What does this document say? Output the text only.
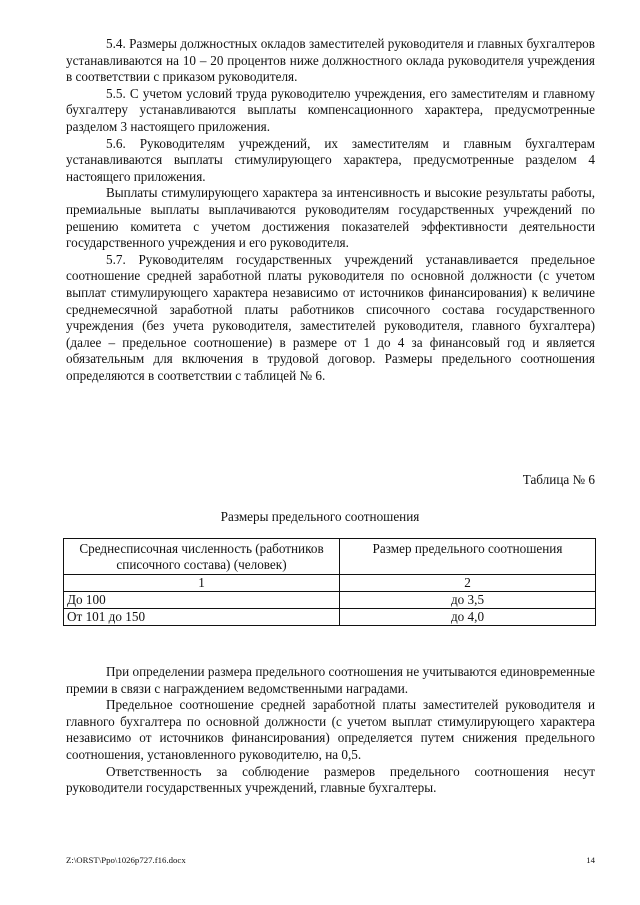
5.4. Размеры должностных окладов заместителей руководителя и главных бухгалтеров устанавливаются на 10 – 20 процентов ниже должностного оклада руководителя учреждения в соответствии с приказом руководителя.

5.5. С учетом условий труда руководителю учреждения, его заместителям и главному бухгалтеру устанавливаются выплаты компенсационного характера, предусмотренные разделом 3 настоящего приложения.

5.6. Руководителям учреждений, их заместителям и главным бухгалтерам устанавливаются выплаты стимулирующего характера, предусмотренные разделом 4 настоящего приложения.

Выплаты стимулирующего характера за интенсивность и высокие результаты работы, премиальные выплаты выплачиваются руководителям государственных учреждений по решению комитета с учетом достижения показателей эффективности деятельности государственного учреждения и его руководителя.

5.7. Руководителям государственных учреждений устанавливается предельное соотношение средней заработной платы руководителя по основной должности (с учетом выплат стимулирующего характера независимо от источников финансирования) к величине среднемесячной заработной платы работников списочного состава государственного учреждения (без учета руководителя, заместителей руководителя, главного бухгалтера) (далее – предельное соотношение) в размере от 1 до 4 за финансовый год и является обязательным для включения в трудовой договор. Размеры предельного соотношения определяются в соответствии с таблицей № 6.

Таблица № 6
Размеры предельного соотношения
Среднесписочная численность (работников списочного состава) (человек)	Размер предельного соотношения
1	2
До 100	до 3,5
От 101 до 150	до 4,0

При определении размера предельного соотношения не учитываются единовременные премии в связи с награждением ведомственными наградами.

Предельное соотношение средней заработной платы заместителей руководителя и главного бухгалтера по основной должности (с учетом выплат стимулирующего характера независимо от источников финансирования) определяется путем снижения предельного соотношения, установленного руководителю, на 0,5.

Ответственность за соблюдение размеров предельного соотношения несут руководители государственных учреждений, главные бухгалтеры.

Z:\ORST\Ppo\1026p727.f16.docx	14
